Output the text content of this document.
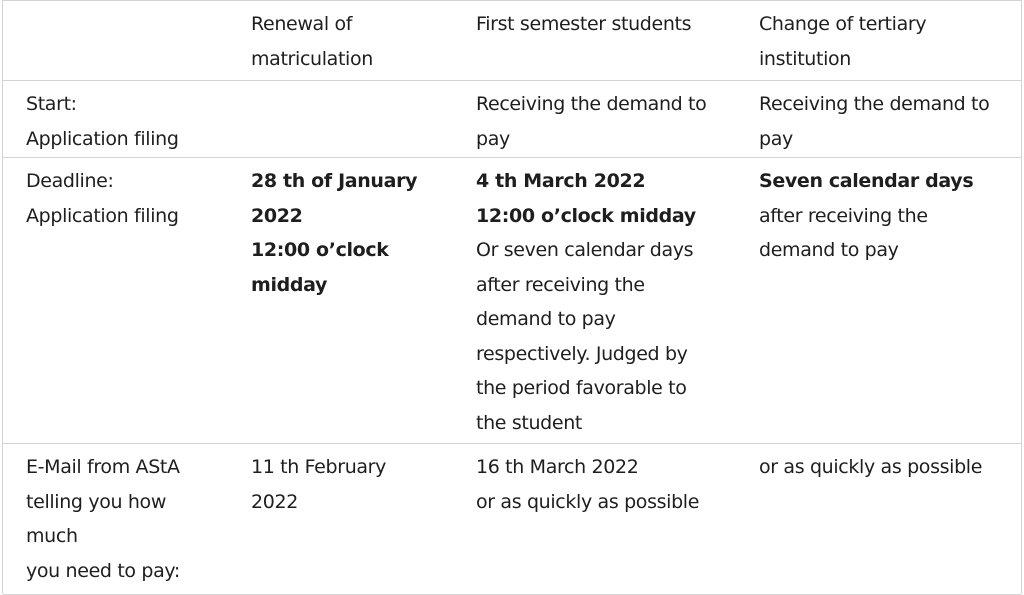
Renewal of
matriculation
First semester students	Change of tertiary
institution
Start:
Application filing
Receiving the demand to
pay
Receiving the demand to
pay
Deadline:
Application filing
28 th of January
2022
12:00 o’clock
midday
4 th March 2022
12:00 o’clock midday
Or seven calendar days
after receiving the
demand to pay
respectively. Judged by
the period favorable to
the student
Seven calendar days
after receiving the
demand to pay
E-Mail from AStA
telling you how
much
you need to pay:
11 th February
2022
16 th March 2022
or as quickly as possible
or as quickly as possible
